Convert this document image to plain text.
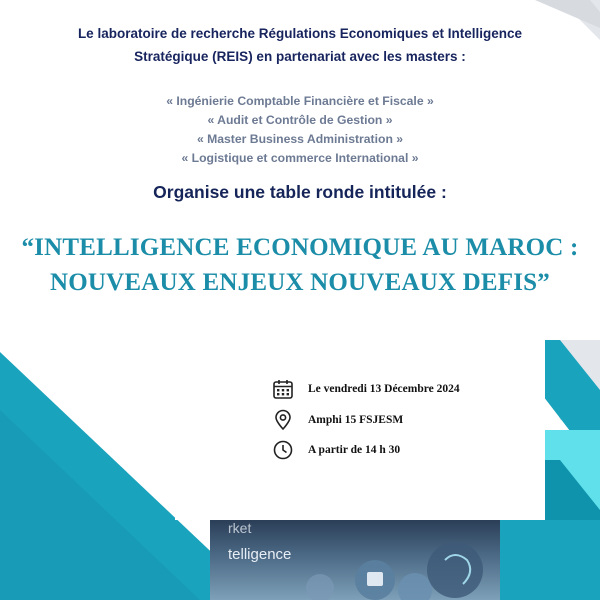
rket
telligence
Le laboratoire de recherche Régulations Economiques et Intelligence
Stratégique (REIS) en partenariat avec les masters :
« Ingénierie Comptable Financière et Fiscale »
« Audit et Contrôle de Gestion »
« Master Business Administration »
« Logistique et commerce International »
Organise une table ronde intitulée :
“INTELLIGENCE ECONOMIQUE AU MAROC :
NOUVEAUX ENJEUX NOUVEAUX DEFIS”
Le vendredi 13 Décembre 2024
Amphi 15 FSJESM
A partir de 14 h 30
